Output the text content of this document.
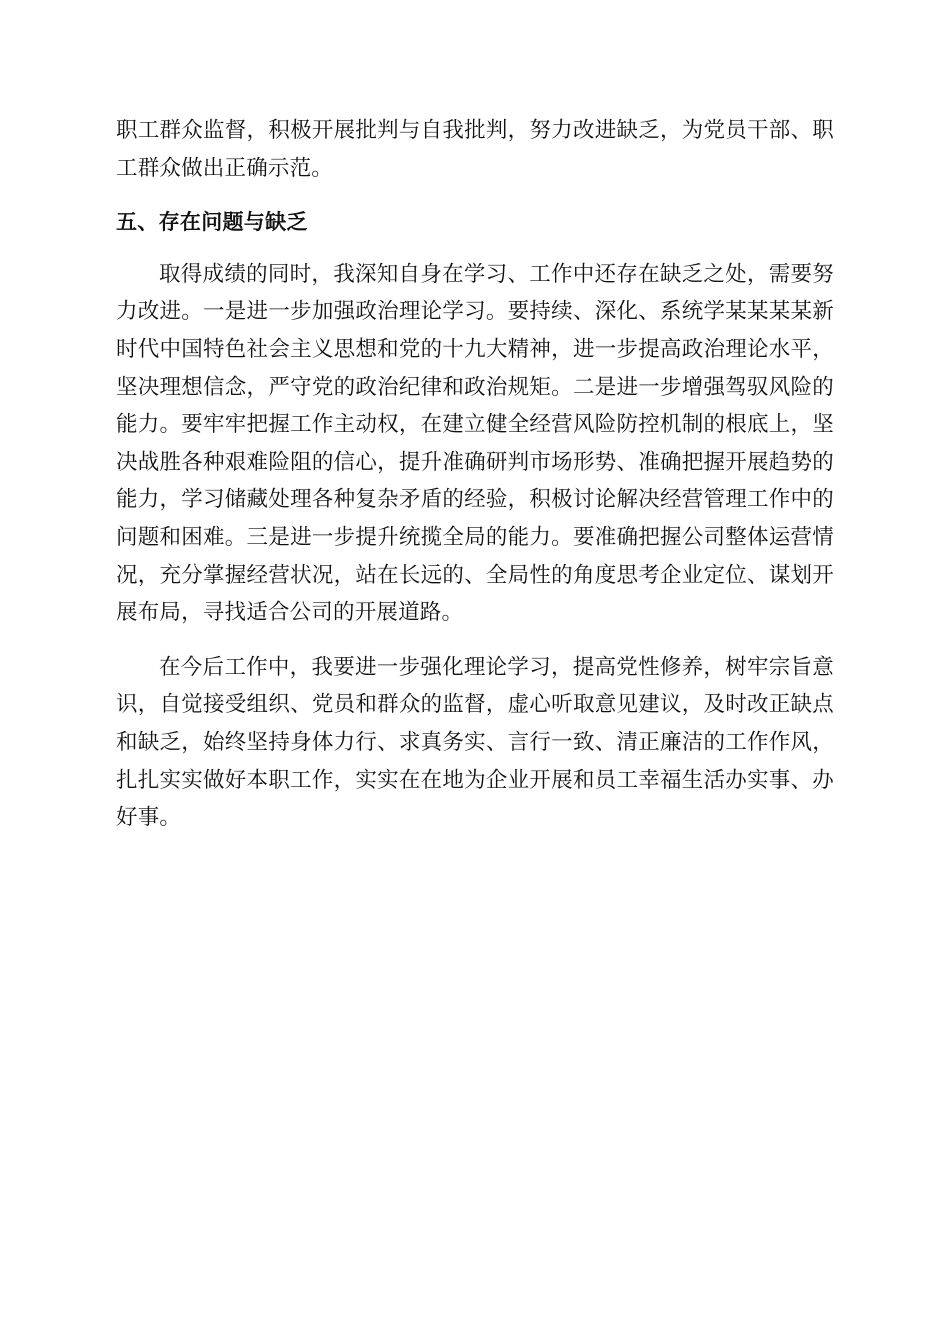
职工群众监督，积极开展批判与自我批判，努力改进缺乏，为党员干部、职工群众做出正确示范。

五、存在问题与缺乏

取得成绩的同时，我深知自身在学习、工作中还存在缺乏之处，需要努力改进。一是进一步加强政治理论学习。要持续、深化、系统学某某某某新时代中国特色社会主义思想和党的十九大精神，进一步提高政治理论水平，坚决理想信念，严守党的政治纪律和政治规矩。二是进一步增强驾驭风险的能力。要牢牢把握工作主动权，在建立健全经营风险防控机制的根底上，坚决战胜各种艰难险阻的信心，提升准确研判市场形势、准确把握开展趋势的能力，学习储藏处理各种复杂矛盾的经验，积极讨论解决经营管理工作中的问题和困难。三是进一步提升统揽全局的能力。要准确把握公司整体运营情况，充分掌握经营状况，站在长远的、全局性的角度思考企业定位、谋划开展布局，寻找适合公司的开展道路。

在今后工作中，我要进一步强化理论学习，提高党性修养，树牢宗旨意识，自觉接受组织、党员和群众的监督，虚心听取意见建议，及时改正缺点和缺乏，始终坚持身体力行、求真务实、言行一致、清正廉洁的工作作风，扎扎实实做好本职工作，实实在在地为企业开展和员工幸福生活办实事、办好事。
